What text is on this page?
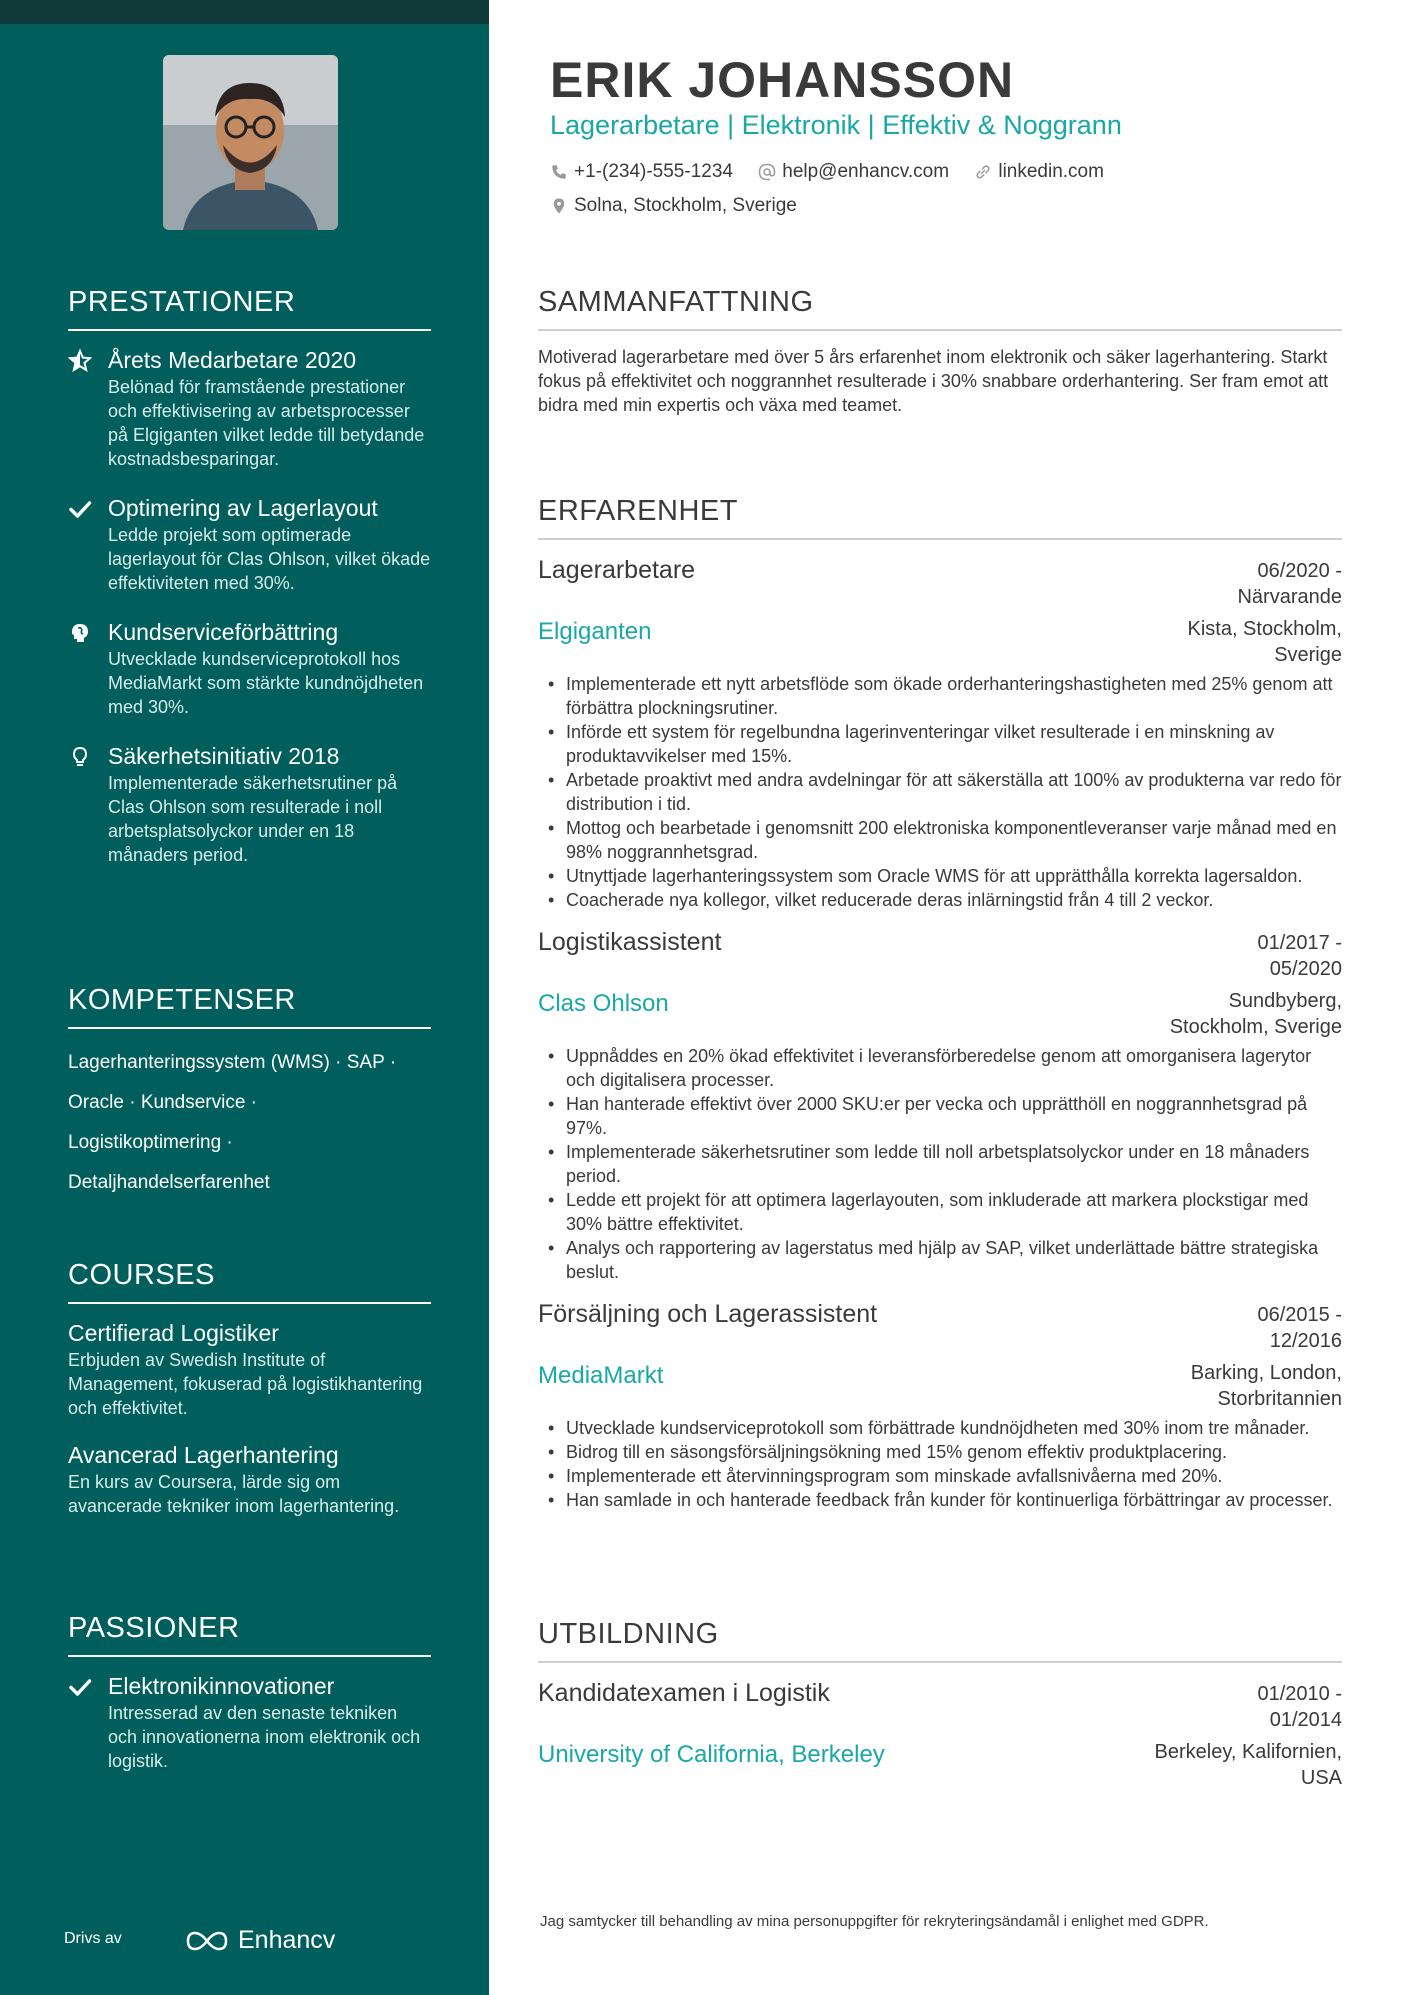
PRESTATIONER
Årets Medarbetare 2020
Belönad för framstående prestationer och effektivisering av arbetsprocesser på Elgiganten vilket ledde till betydande kostnadsbesparingar.
Optimering av Lagerlayout
Ledde projekt som optimerade lagerlayout för Clas Ohlson, vilket ökade effektiviteten med 30%.
Kundserviceförbättring
Utvecklade kundserviceprotokoll hos MediaMarkt som stärkte kundnöjdheten med 30%.
Säkerhetsinitiativ 2018
Implementerade säkerhetsrutiner på Clas Ohlson som resulterade i noll arbetsplatsolyckor under en 18 månaders period.
KOMPETENSER
Lagerhanteringssystem (WMS) · SAP ·
Oracle · Kundservice ·
Logistikoptimering ·
Detaljhandelserfarenhet
COURSES
Certifierad Logistiker
Erbjuden av Swedish Institute of Management, fokuserad på logistikhantering och effektivitet.
Avancerad Lagerhantering
En kurs av Coursera, lärde sig om avancerade tekniker inom lagerhantering.
PASSIONER
Elektronikinnovationer
Intresserad av den senaste tekniken och innovationerna inom elektronik och logistik.
Drivs av	Enhancv
ERIK JOHANSSON
Lagerarbetare | Elektronik | Effektiv & Noggrann
+1-(234)-555-1234
	help@enhancv.com
	linkedin.com

Solna, Stockholm, Sverige
SAMMANFATTNING
Motiverad lagerarbetare med över 5 års erfarenhet inom elektronik och säker lagerhantering. Starkt fokus på effektivitet och noggrannhet resulterade i 30% snabbare orderhantering. Ser fram emot att bidra med min expertis och växa med teamet.
ERFARENHET
Lagerarbetare	06/2020 - Närvarande
Elgiganten	Kista, Stockholm, Sverige
• Implementerade ett nytt arbetsflöde som ökade orderhanteringshastigheten med 25% genom att förbättra plockningsrutiner.
• Införde ett system för regelbundna lagerinventeringar vilket resulterade i en minskning av produktavvikelser med 15%.
• Arbetade proaktivt med andra avdelningar för att säkerställa att 100% av produkterna var redo för distribution i tid.
• Mottog och bearbetade i genomsnitt 200 elektroniska komponentleveranser varje månad med en 98% noggrannhetsgrad.
• Utnyttjade lagerhanteringssystem som Oracle WMS för att upprätthålla korrekta lagersaldon.
• Coacherade nya kollegor, vilket reducerade deras inlärningstid från 4 till 2 veckor.
Logistikassistent	01/2017 - 05/2020
Clas Ohlson	Sundbyberg, Stockholm, Sverige
• Uppnåddes en 20% ökad effektivitet i leveransförberedelse genom att omorganisera lagerytor och digitalisera processer.
• Han hanterade effektivt över 2000 SKU:er per vecka och upprätthöll en noggrannhetsgrad på 97%.
• Implementerade säkerhetsrutiner som ledde till noll arbetsplatsolyckor under en 18 månaders period.
• Ledde ett projekt för att optimera lagerlayouten, som inkluderade att markera plockstigar med 30% bättre effektivitet.
• Analys och rapportering av lagerstatus med hjälp av SAP, vilket underlättade bättre strategiska beslut.
Försäljning och Lagerassistent	06/2015 - 12/2016
MediaMarkt	Barking, London, Storbritannien
• Utvecklade kundserviceprotokoll som förbättrade kundnöjdheten med 30% inom tre månader.
• Bidrog till en säsongsförsäljningsökning med 15% genom effektiv produktplacering.
• Implementerade ett återvinningsprogram som minskade avfallsnivåerna med 20%.
• Han samlade in och hanterade feedback från kunder för kontinuerliga förbättringar av processer.
UTBILDNING
Kandidatexamen i Logistik	01/2010 - 01/2014
University of California, Berkeley	Berkeley, Kalifornien, USA
Jag samtycker till behandling av mina personuppgifter för rekryteringsändamål i enlighet med GDPR.
